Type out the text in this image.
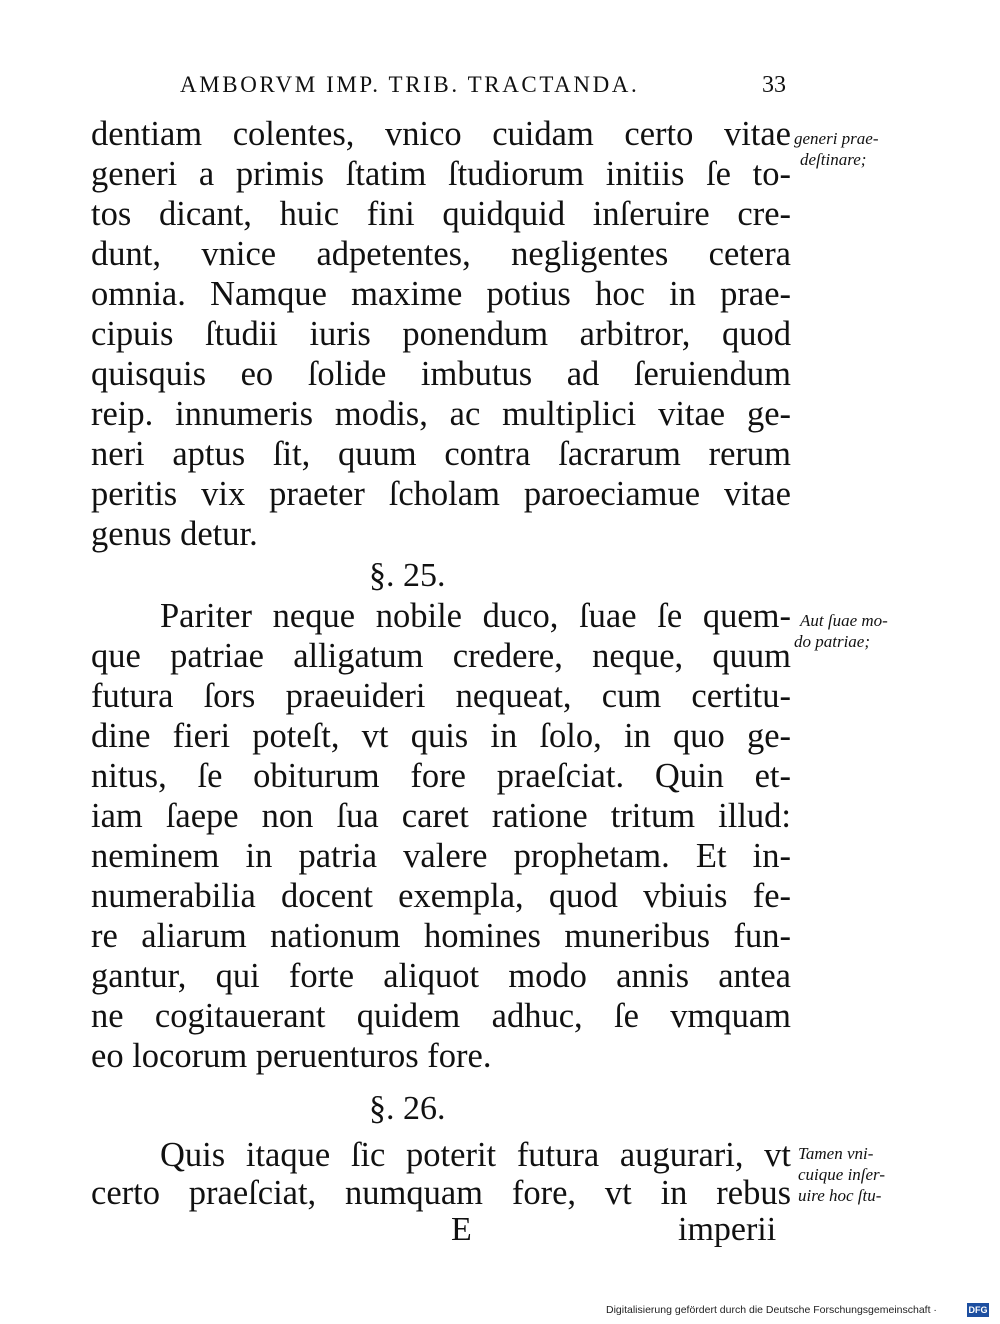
AMBORVM IMP. TRIB. TRACTANDA.	33
dentiam colentes, vnico cuidam certo vitae
generi a primis ſtatim ſtudiorum initiis ſe to-
tos dicant, huic fini quidquid inſeruire cre-
dunt, vnice adpetentes, negligentes cetera
omnia. Namque maxime potius hoc in prae-
cipuis ſtudii iuris ponendum arbitror, quod
quisquis eo ſolide imbutus ad ſeruiendum
reip. innumeris modis, ac multiplici vitae ge-
neri aptus ſit, quum contra ſacrarum rerum
peritis vix praeter ſcholam paroeciamue vitae
genus detur.
§. 25.
Pariter neque nobile duco, ſuae ſe quem-
que patriae alligatum credere, neque, quum
futura ſors praeuideri nequeat, cum certitu-
dine fieri poteſt, vt quis in ſolo, in quo ge-
nitus, ſe obiturum fore praeſciat. Quin et-
iam ſaepe non ſua caret ratione tritum illud:
neminem in patria valere prophetam. Et in-
numerabilia docent exempla, quod vbiuis fe-
re aliarum nationum homines muneribus fun-
gantur, qui forte aliquot modo annis antea
ne cogitauerant quidem adhuc, ſe vmquam
eo locorum peruenturos fore.
§. 26.
Quis itaque ſic poterit futura augurari, vt
certo praeſciat, numquam fore, vt in rebus
E	imperii
generi prae-
deſtinare;
Aut ſuae mo-
do patriae;
Tamen vni-
cuique inſer-
uire hoc ſtu-
Digitalisierung gefördert durch die Deutsche Forschungsgemeinschaft ·	DFG
